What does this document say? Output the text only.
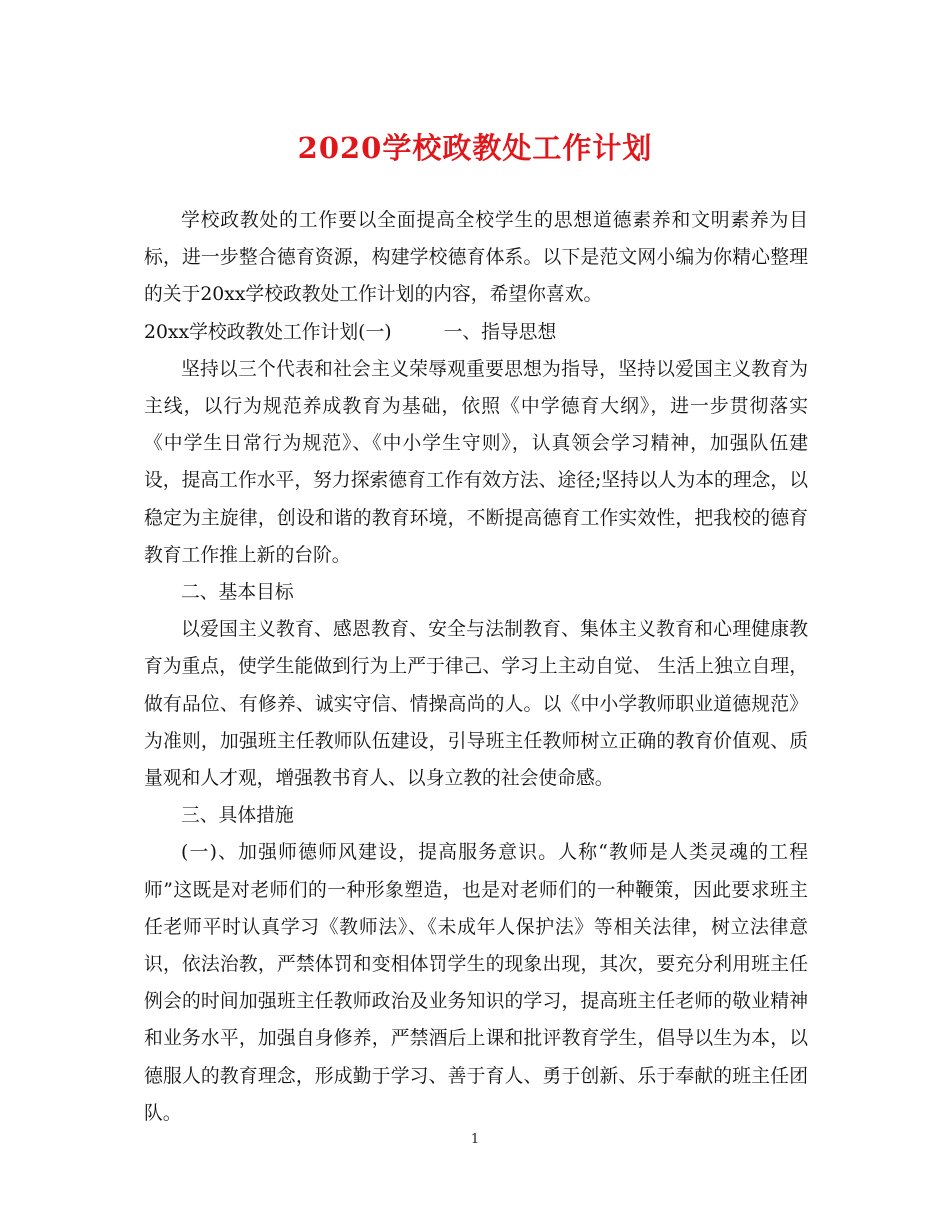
2020学校政教处工作计划

学校政教处的工作要以全面提高全校学生的思想道德素养和文明素养为目标，进一步整合德育资源，构建学校德育体系。以下是范文网小编为你精心整理的关于20xx学校政教处工作计划的内容，希望你喜欢。

20xx学校政教处工作计划(一)	一、指导思想

坚持以三个代表和社会主义荣辱观重要思想为指导，坚持以爱国主义教育为主线，以行为规范养成教育为基础，依照《中学德育大纲》，进一步贯彻落实《中学生日常行为规范》、《中小学生守则》，认真领会学习精神，加强队伍建设，提高工作水平，努力探索德育工作有效方法、途径;坚持以人为本的理念，以稳定为主旋律，创设和谐的教育环境，不断提高德育工作实效性，把我校的德育教育工作推上新的台阶。

二、基本目标

以爱国主义教育、感恩教育、安全与法制教育、集体主义教育和心理健康教育为重点，使学生能做到行为上严于律己、学习上主动自觉、 生活上独立自理，做有品位、有修养、诚实守信、情操高尚的人。以《中小学教师职业道德规范》为准则，加强班主任教师队伍建设，引导班主任教师树立正确的教育价值观、质量观和人才观，增强教书育人、以身立教的社会使命感。

三、具体措施

(一)、加强师德师风建设，提高服务意识。人称“教师是人类灵魂的工程师”这既是对老师们的一种形象塑造，也是对老师们的一种鞭策，因此要求班主任老师平时认真学习《教师法》、《未成年人保护法》等相关法律，树立法律意识，依法治教，严禁体罚和变相体罚学生的现象出现，其次，要充分利用班主任例会的时间加强班主任教师政治及业务知识的学习，提高班主任老师的敬业精神和业务水平，加强自身修养，严禁酒后上课和批评教育学生，倡导以生为本，以德服人的教育理念，形成勤于学习、善于育人、勇于创新、乐于奉献的班主任团队。

1
